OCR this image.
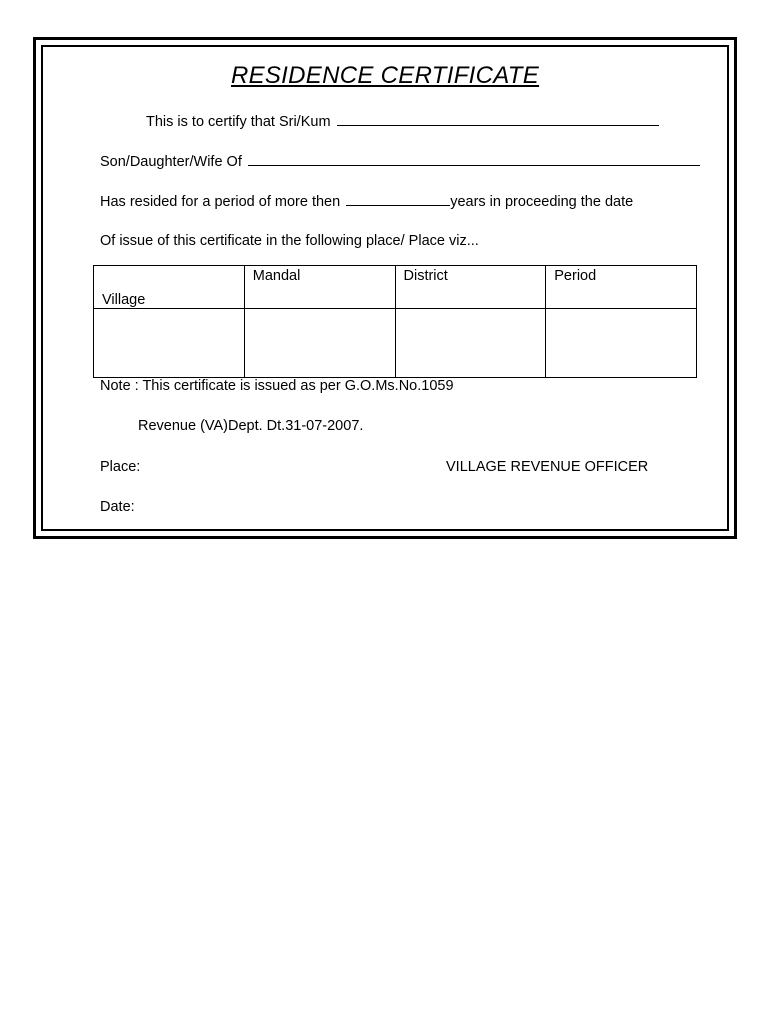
RESIDENCE CERTIFICATE
This is to certify that Sri/Kum
Son/Daughter/Wife Of
Has resided for a period of more then	years in proceeding the date
Of issue of this certificate in the following place/ Place viz...
Village	Mandal	District	Period

Note : This certificate is issued as per G.O.Ms.No.1059
Revenue (VA)Dept. Dt.31-07-2007.
Place:	VILLAGE REVENUE OFFICER
Date:
